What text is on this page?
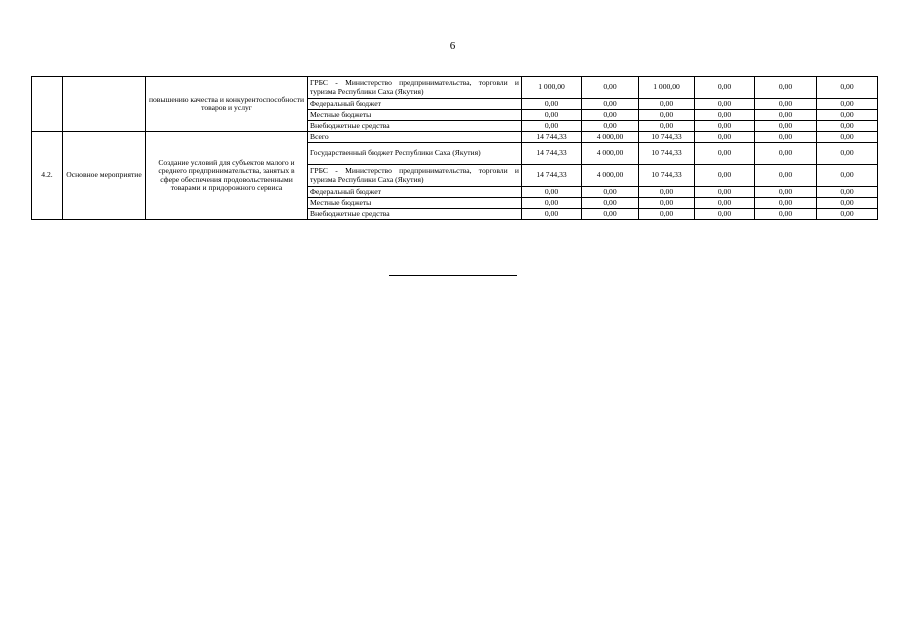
6
		повышению качества и конкурентоспособности товаров и услуг	ГРБС - Министерство предпринимательства, торговли и туризма Республики Саха (Якутия)	1 000,00	0,00	1 000,00	0,00	0,00	0,00
			Федеральный бюджет	0,00	0,00	0,00	0,00	0,00	0,00
			Местные бюджеты	0,00	0,00	0,00	0,00	0,00	0,00
			Внебюджетные средства	0,00	0,00	0,00	0,00	0,00	0,00
4.2.	Основное мероприятие	Создание условий для субъектов малого и среднего предпринимательства, занятых в сфере обеспечения продовольственными товарами и придорожного сервиса	Всего	14 744,33	4 000,00	10 744,33	0,00	0,00	0,00
			Государственный бюджет Республики Саха (Якутия)	14 744,33	4 000,00	10 744,33	0,00	0,00	0,00
			ГРБС - Министерство предпринимательства, торговли и туризма Республики Саха (Якутия)	14 744,33	4 000,00	10 744,33	0,00	0,00	0,00
			Федеральный бюджет	0,00	0,00	0,00	0,00	0,00	0,00
			Местные бюджеты	0,00	0,00	0,00	0,00	0,00	0,00
			Внебюджетные средства	0,00	0,00	0,00	0,00	0,00	0,00
